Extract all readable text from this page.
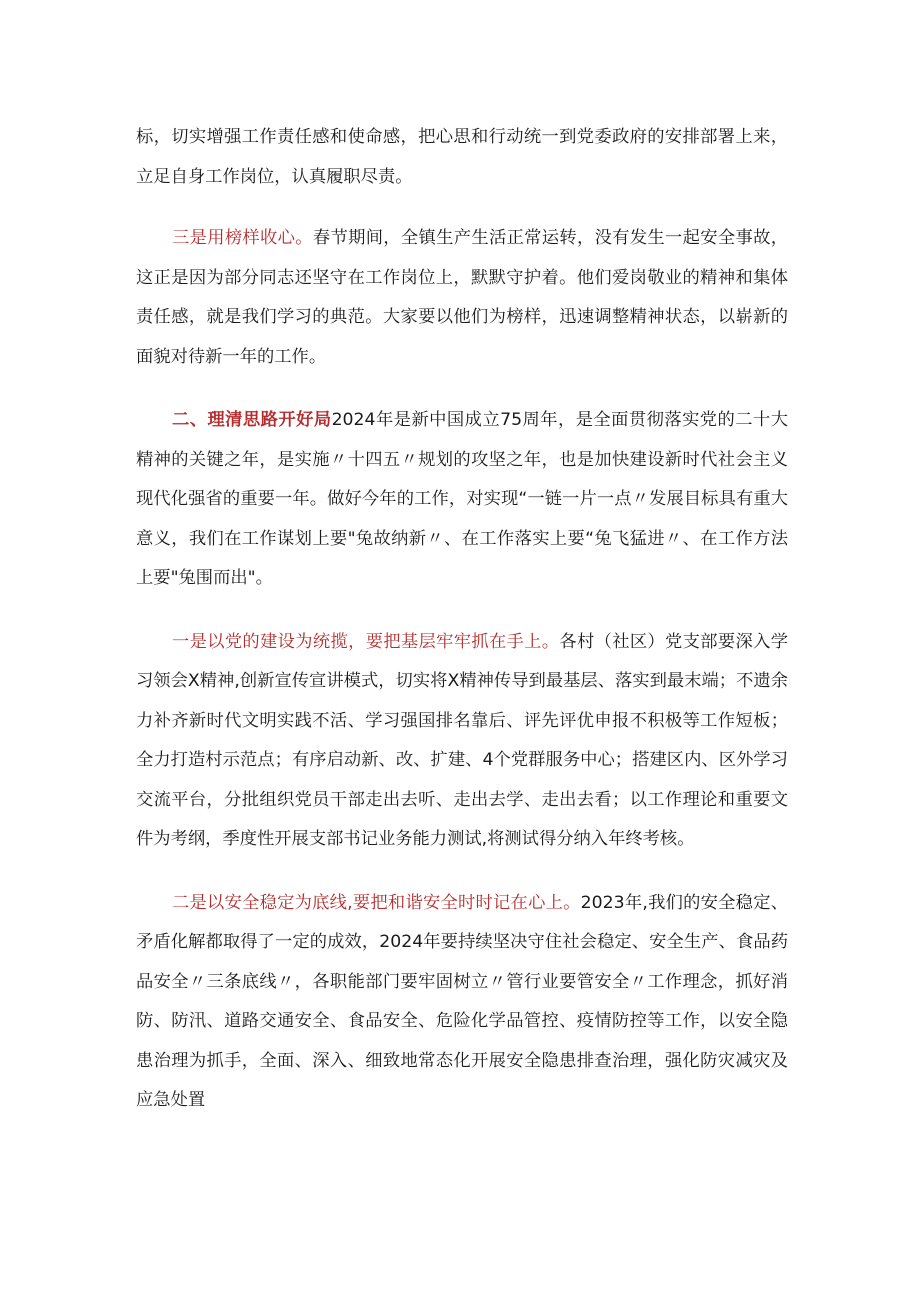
标，切实增强工作责任感和使命感，把心思和行动统一到党委政府的安排部署上来，立足自身工作岗位，认真履职尽责。

三是用榜样收心。春节期间，全镇生产生活正常运转，没有发生一起安全事故，这正是因为部分同志还坚守在工作岗位上，默默守护着。他们爱岗敬业的精神和集体责任感，就是我们学习的典范。大家要以他们为榜样，迅速调整精神状态，以崭新的面貌对待新一年的工作。

二、理清思路开好局2024年是新中国成立75周年，是全面贯彻落实党的二十大精神的关键之年，是实施〃十四五〃规划的攻坚之年，也是加快建设新时代社会主义现代化强省的重要一年。做好今年的工作，对实现“一链一片一点〃发展目标具有重大意义，我们在工作谋划上要"兔故纳新〃、在工作落实上要“兔飞猛进〃、在工作方法上要"兔围而出"。

一是以党的建设为统揽，要把基层牢牢抓在手上。各村（社区）党支部要深入学习领会X精神,创新宣传宣讲模式，切实将X精神传导到最基层、落实到最末端；不遗余力补齐新时代文明实践不活、学习强国排名靠后、评先评优申报不积极等工作短板；全力打造村示范点；有序启动新、改、扩建、4个党群服务中心；搭建区内、区外学习交流平台，分批组织党员干部走出去听、走出去学、走出去看；以工作理论和重要文件为考纲，季度性开展支部书记业务能力测试,将测试得分纳入年终考核。

二是以安全稳定为底线,要把和谐安全时时记在心上。2023年,我们的安全稳定、矛盾化解都取得了一定的成效，2024年要持续坚决守住社会稳定、安全生产、食品药品安全〃三条底线〃，各职能部门要牢固树立〃管行业要管安全〃工作理念，抓好消防、防汛、道路交通安全、食品安全、危险化学品管控、疫情防控等工作，以安全隐患治理为抓手，全面、深入、细致地常态化开展安全隐患排查治理，强化防灾减灾及应急处置
